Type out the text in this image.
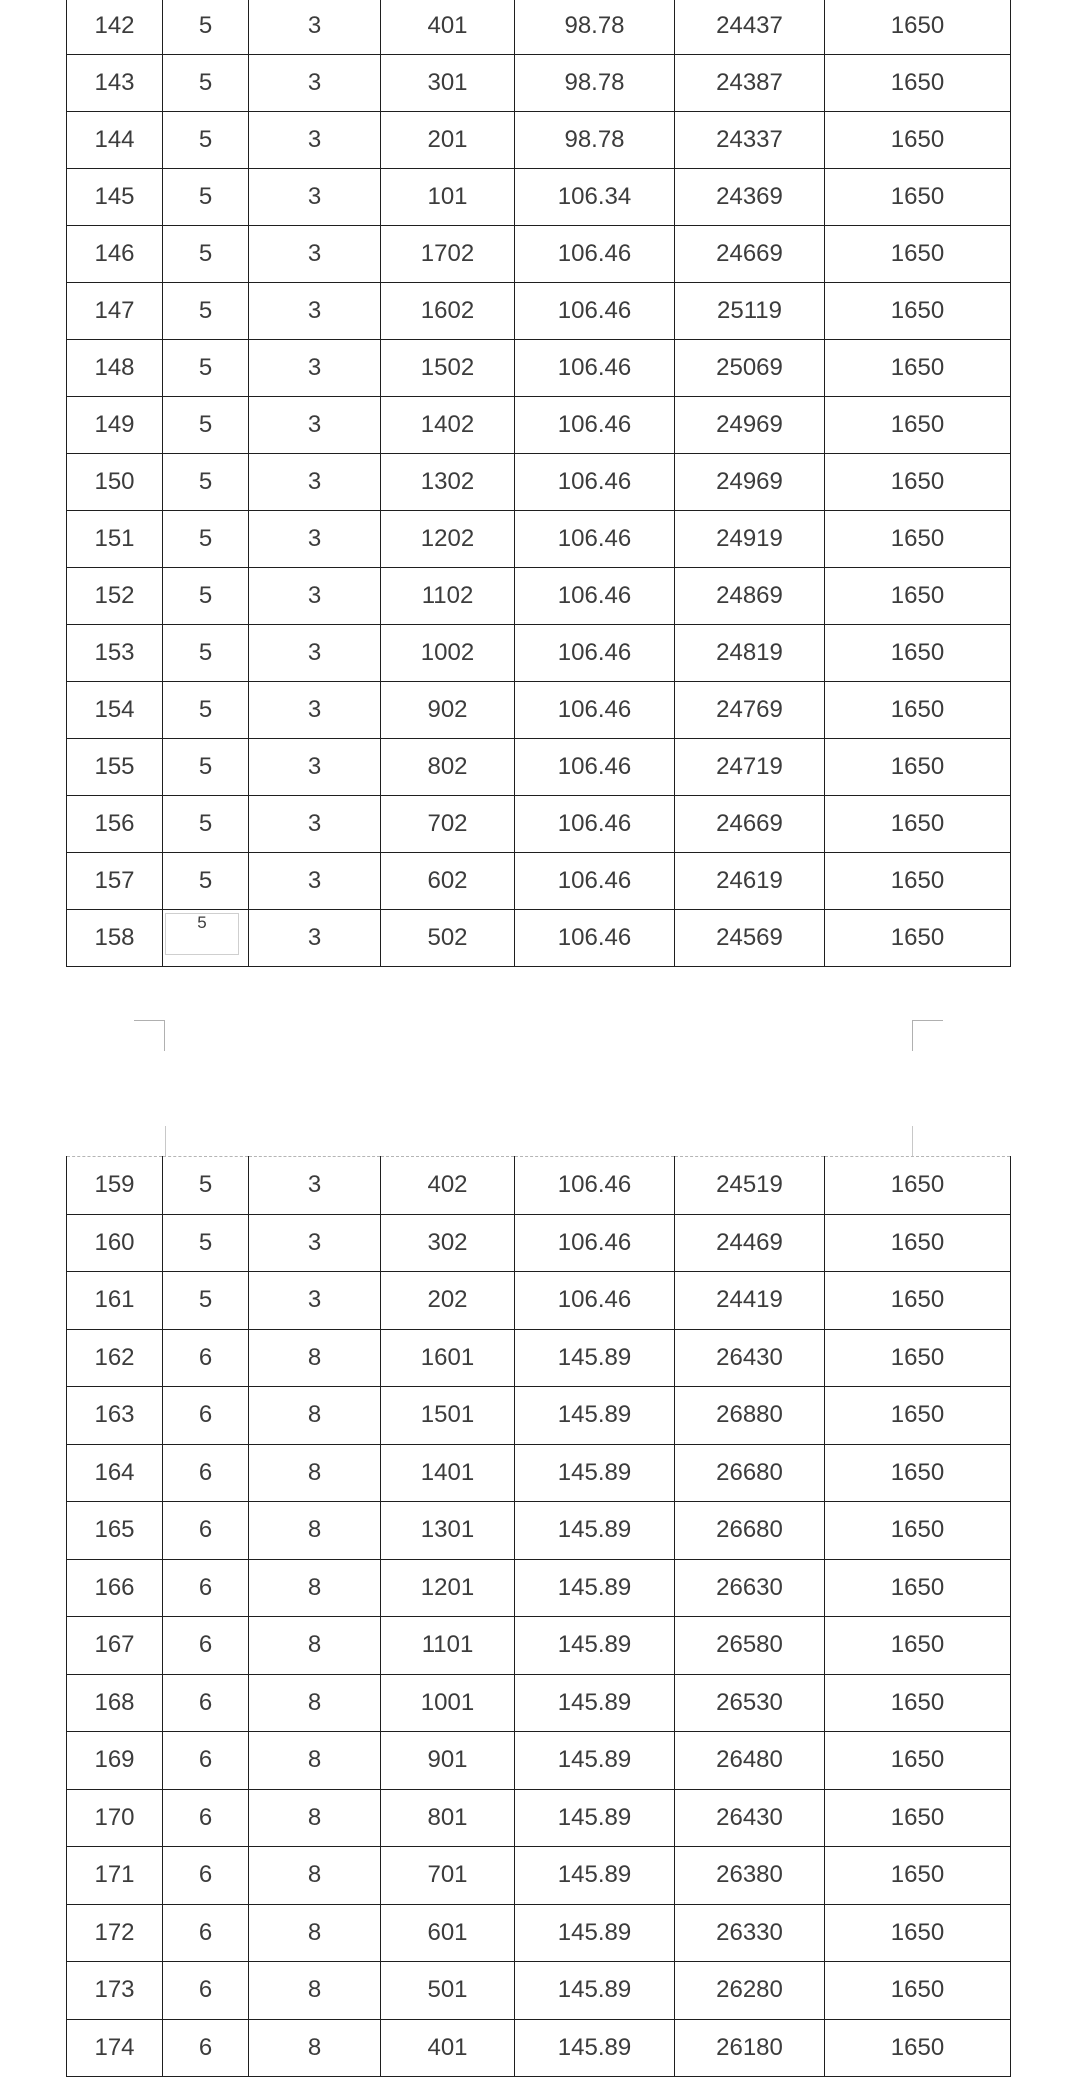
142	5	3	401	98.78	24437	1650
143	5	3	301	98.78	24387	1650
144	5	3	201	98.78	24337	1650
145	5	3	101	106.34	24369	1650
146	5	3	1702	106.46	24669	1650
147	5	3	1602	106.46	25119	1650
148	5	3	1502	106.46	25069	1650
149	5	3	1402	106.46	24969	1650
150	5	3	1302	106.46	24969	1650
151	5	3	1202	106.46	24919	1650
152	5	3	1102	106.46	24869	1650
153	5	3	1002	106.46	24819	1650
154	5	3	902	106.46	24769	1650
155	5	3	802	106.46	24719	1650
156	5	3	702	106.46	24669	1650
157	5	3	602	106.46	24619	1650
158	5	3	502	106.46	24569	1650
159	5	3	402	106.46	24519	1650
160	5	3	302	106.46	24469	1650
161	5	3	202	106.46	24419	1650
162	6	8	1601	145.89	26430	1650
163	6	8	1501	145.89	26880	1650
164	6	8	1401	145.89	26680	1650
165	6	8	1301	145.89	26680	1650
166	6	8	1201	145.89	26630	1650
167	6	8	1101	145.89	26580	1650
168	6	8	1001	145.89	26530	1650
169	6	8	901	145.89	26480	1650
170	6	8	801	145.89	26430	1650
171	6	8	701	145.89	26380	1650
172	6	8	601	145.89	26330	1650
173	6	8	501	145.89	26280	1650
174	6	8	401	145.89	26180	1650
